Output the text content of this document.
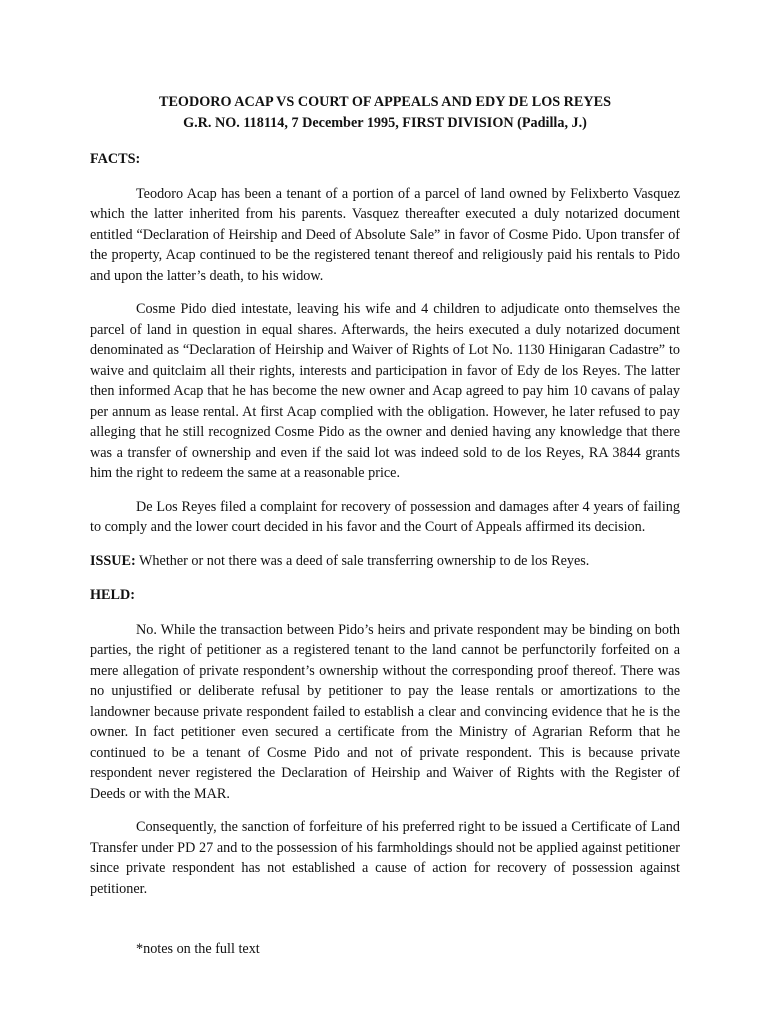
TEODORO ACAP VS COURT OF APPEALS AND EDY DE LOS REYES

G.R. NO. 118114, 7 December 1995, FIRST DIVISION (Padilla, J.)

FACTS:

Teodoro Acap has been a tenant of a portion of a parcel of land owned by Felixberto Vasquez which the latter inherited from his parents. Vasquez thereafter executed a duly notarized document entitled “Declaration of Heirship and Deed of Absolute Sale” in favor of Cosme Pido. Upon transfer of the property, Acap continued to be the registered tenant thereof and religiously paid his rentals to Pido and upon the latter’s death, to his widow.

Cosme Pido died intestate, leaving his wife and 4 children to adjudicate onto themselves the parcel of land in question in equal shares. Afterwards, the heirs executed a duly notarized document denominated as “Declaration of Heirship and Waiver of Rights of Lot No. 1130 Hinigaran Cadastre” to waive and quitclaim all their rights, interests and participation in favor of Edy de los Reyes. The latter then informed Acap that he has become the new owner and Acap agreed to pay him 10 cavans of palay per annum as lease rental. At first Acap complied with the obligation. However, he later refused to pay alleging that he still recognized Cosme Pido as the owner and denied having any knowledge that there was a transfer of ownership and even if the said lot was indeed sold to de los Reyes, RA 3844 grants him the right to redeem the same at a reasonable price.

De Los Reyes filed a complaint for recovery of possession and damages after 4 years of failing to comply and the lower court decided in his favor and the Court of Appeals affirmed its decision.

ISSUE: Whether or not there was a deed of sale transferring ownership to de los Reyes.

HELD:

No. While the transaction between Pido’s heirs and private respondent may be binding on both parties, the right of petitioner as a registered tenant to the land cannot be perfunctorily forfeited on a mere allegation of private respondent’s ownership without the corresponding proof thereof. There was no unjustified or deliberate refusal by petitioner to pay the lease rentals or amortizations to the landowner because private respondent failed to establish a clear and convincing evidence that he is the owner. In fact petitioner even secured a certificate from the Ministry of Agrarian Reform that he continued to be a tenant of Cosme Pido and not of private respondent. This is because private respondent never registered the Declaration of Heirship and Waiver of Rights with the Register of Deeds or with the MAR.

Consequently, the sanction of forfeiture of his preferred right to be issued a Certificate of Land Transfer under PD 27 and to the possession of his farmholdings should not be applied against petitioner since private respondent has not established a cause of action for recovery of possession against petitioner.

*notes on the full text
